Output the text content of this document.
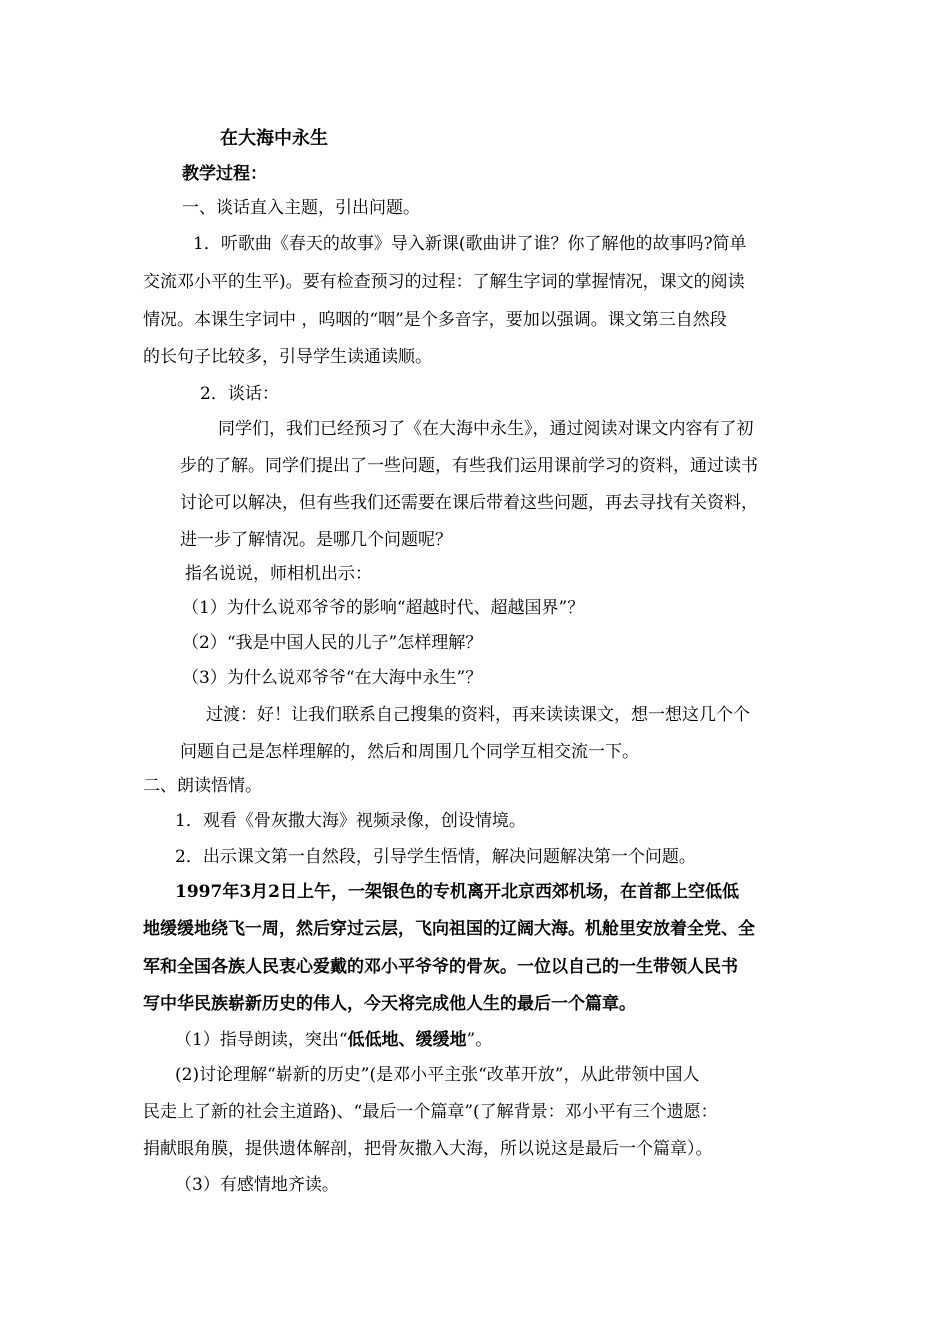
在大海中永生
教学过程：
一、谈话直入主题，引出问题。
1．听歌曲《春天的故事》导入新课(歌曲讲了谁？你了解他的故事吗?简单
交流邓小平的生平)。要有检查预习的过程：了解生字词的掌握情况，课文的阅读
情况。本课生字词中 ，呜咽的“咽”是个多音字，要加以强调。课文第三自然段
的长句子比较多，引导学生读通读顺。
2．谈话：
同学们，我们已经预习了《在大海中永生》，通过阅读对课文内容有了初
步的了解。同学们提出了一些问题，有些我们运用课前学习的资料，通过读书
讨论可以解决，但有些我们还需要在课后带着这些问题，再去寻找有关资料，
进一步了解情况。是哪几个问题呢？
指名说说，师相机出示：
（1）为什么说邓爷爷的影响“超越时代、超越国界”？
（2）“我是中国人民的儿子”怎样理解？
（3）为什么说邓爷爷“在大海中永生”？
过渡：好！让我们联系自己搜集的资料，再来读读课文，想一想这几个个
问题自己是怎样理解的，然后和周围几个同学互相交流一下。
二、朗读悟情。
1．观看《骨灰撒大海》视频录像，创设情境。
2．出示课文第一自然段，引导学生悟情，解决问题解决第一个问题。
1997年3月2日上午，一架银色的专机离开北京西郊机场，在首都上空低低
地缓缓地绕飞一周，然后穿过云层，飞向祖国的辽阔大海。机舱里安放着全党、全
军和全国各族人民衷心爱戴的邓小平爷爷的骨灰。一位以自己的一生带领人民书
写中华民族崭新历史的伟人，今天将完成他人生的最后一个篇章。
（1）指导朗读，突出“低低地、缓缓地”。
(2)讨论理解“崭新的历史”(是邓小平主张“改革开放”，从此带领中国人
民走上了新的社会主道路)、“最后一个篇章”(了解背景：邓小平有三个遗愿：
捐献眼角膜，提供遗体解剖，把骨灰撒入大海，所以说这是最后一个篇章）。
（3）有感情地齐读。
